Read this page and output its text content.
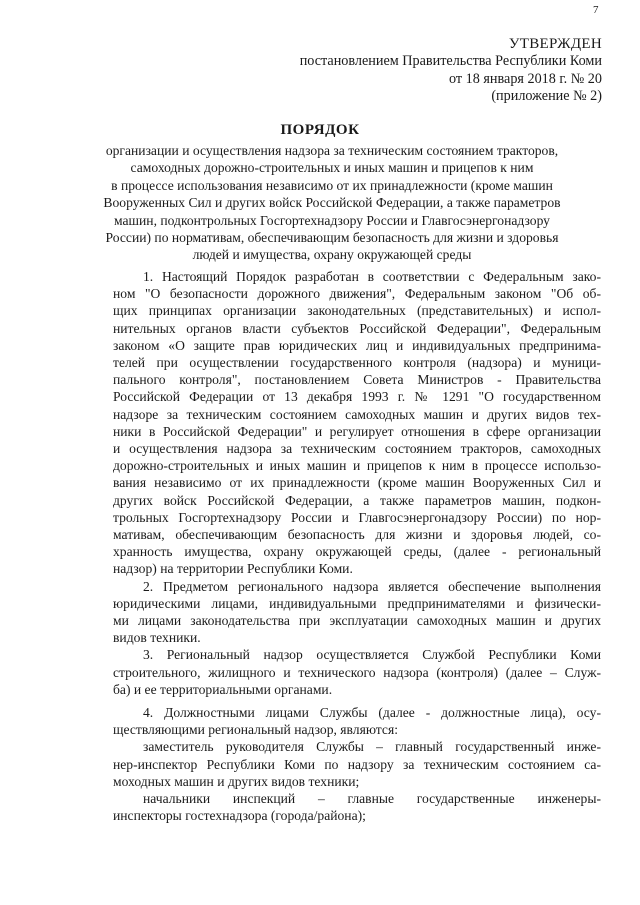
7
УТВЕРЖДЕН
постановлением Правительства Республики Коми
от 18 января 2018 г. № 20
(приложение № 2)
ПОРЯДОК
организации и осуществления надзора за техническим состоянием тракторов,
самоходных дорожно-строительных и иных машин и прицепов к ним
в процессе использования независимо от их принадлежности (кроме машин
Вооруженных Сил и других войск Российской Федерации, а также параметров
машин, подконтрольных Госгортехнадзору России и Главгосэнергонадзору
России) по нормативам, обеспечивающим безопасность для жизни и здоровья
людей и имущества, охрану окружающей среды

1. Настоящий Порядок разработан в соответствии с Федеральным зако-
ном "О безопасности дорожного движения", Федеральным законом "Об об-
щих принципах организации законодательных (представительных) и испол-
нительных органов власти субъектов Российской Федерации", Федеральным
законом «О защите прав юридических лиц и индивидуальных предпринима-
телей при осуществлении государственного контроля (надзора) и муници-
пального контроля", постановлением Совета Министров - Правительства
Российской Федерации от 13 декабря 1993 г. № 1291 "О государственном
надзоре за техническим состоянием самоходных машин и других видов тех-
ники в Российской Федерации" и регулирует отношения в сфере организации
и осуществления надзора за техническим состоянием тракторов, самоходных
дорожно-строительных и иных машин и прицепов к ним в процессе использо-
вания независимо от их принадлежности (кроме машин Вооруженных Сил и
других войск Российской Федерации, а также параметров машин, подкон-
трольных Госгортехнадзору России и Главгосэнергонадзору России) по нор-
мативам, обеспечивающим безопасность для жизни и здоровья людей, со-
хранность имущества, охрану окружающей среды, (далее - региональный
надзор) на территории Республики Коми.

2. Предметом регионального надзора является обеспечение выполнения
юридическими лицами, индивидуальными предпринимателями и физически-
ми лицами законодательства при эксплуатации самоходных машин и других
видов техники.

3. Региональный надзор осуществляется Службой Республики Коми
строительного, жилищного и технического надзора (контроля) (далее – Служ-
ба) и ее территориальными органами.

4. Должностными лицами Службы (далее - должностные лица), осу-
ществляющими региональный надзор, являются:

заместитель руководителя Службы – главный государственный инже-
нер-инспектор Республики Коми по надзору за техническим состоянием са-
моходных машин и других видов техники;

начальники инспекций – главные государственные инженеры-
инспекторы гостехнадзора (города/района);
